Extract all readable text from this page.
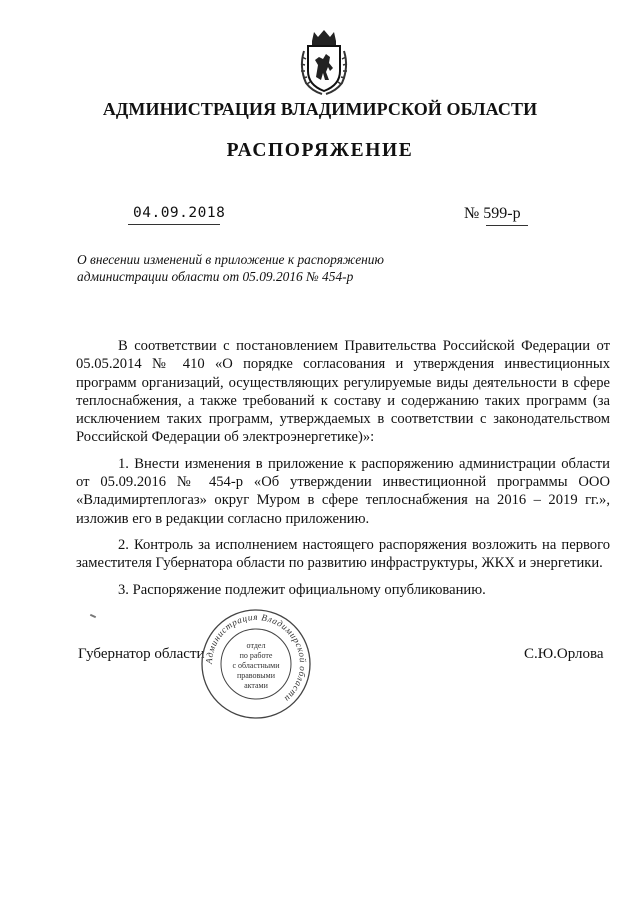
АДМИНИСТРАЦИЯ ВЛАДИМИРСКОЙ ОБЛАСТИ
РАСПОРЯЖЕНИЕ
04.09.2018	№ 599-р
О внесении изменений в приложение к распоряжению
администрации области от 05.09.2016 № 454-р

В соответствии с постановлением Правительства Российской Федерации от 05.05.2014 № 410 «О порядке согласования и утверждения инвестиционных программ организаций, осуществляющих регулируемые виды деятельности в сфере теплоснабжения, а также требований к составу и содержанию таких программ (за исключением таких программ, утверждаемых в соответствии с законодательством Российской Федерации об электроэнергетике)»:

1. Внести изменения в приложение к распоряжению администрации области от 05.09.2016 № 454-р «Об утверждении инвестиционной программы ООО «Владимиртеплогаз» округ Муром в сфере теплоснабжения на 2016 – 2019 гг.», изложив его в редакции согласно приложению.

2. Контроль за исполнением настоящего распоряжения возложить на первого заместителя Губернатора области по развитию инфраструктуры, ЖКХ и энергетики.

3. Распоряжение подлежит официальному опубликованию.

Губернатор области	С.Ю.Орлова
Администрация Владимирской области
отдел
по работе
с областными
правовыми
актами
